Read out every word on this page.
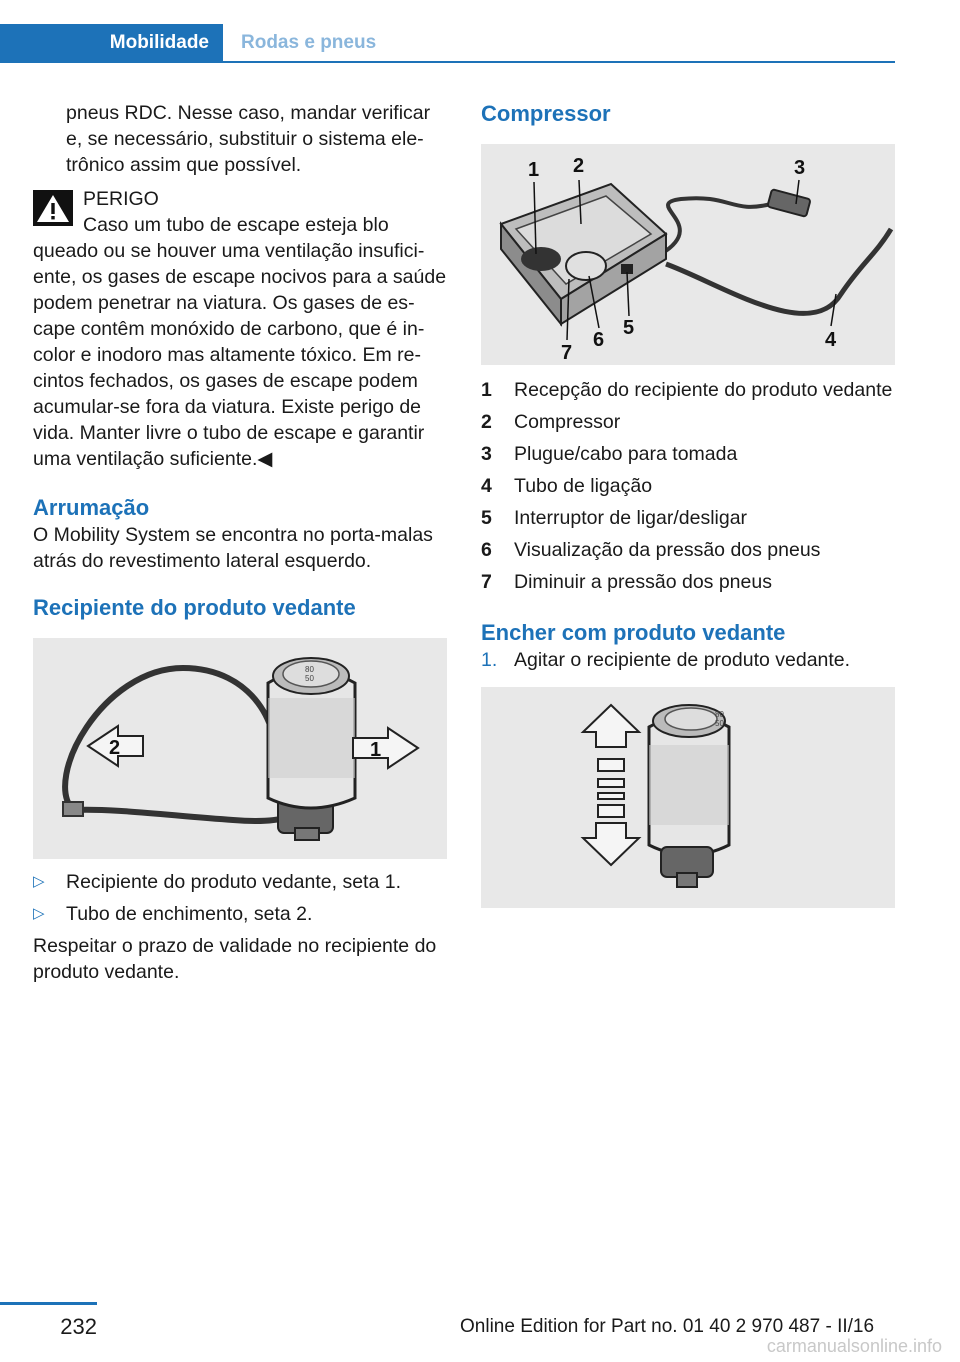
Mobilidade	Rodas e pneus

pneus RDC. Nesse caso, mandar verificar e, se necessário, substituir o sistema eletrônico assim que possível.

PERIGO

Caso um tubo de escape esteja blo

queado ou se houver uma ventilação insuficiente, os gases de escape nocivos para a saúde podem penetrar na viatura. Os gases de escape contêm monóxido de carbono, que é incolor e inodoro mas altamente tóxico. Em recintos fechados, os gases de escape podem acumular-se fora da viatura. Existe perigo de vida. Manter livre o tubo de escape e garantir uma ventilação suficiente.◀

Arrumação

O Mobility System se encontra no porta-malas atrás do revestimento lateral esquerdo.

Recipiente do produto vedante

80
50
2	1
▷ Recipiente do produto vedante, seta 1.
▷ Tubo de enchimento, seta 2.

Respeitar o prazo de validade no recipiente do produto vedante.

Compressor

1 2	3
4
5
6
7
1 Recepção do recipiente do produto vedante
2 Compressor
3 Plugue/cabo para tomada
4 Tubo de ligação
5 Interruptor de ligar/desligar
6 Visualização da pressão dos pneus
7 Diminuir a pressão dos pneus

Encher com produto vedante

1. Agitar o recipiente de produto vedante.
80
50
232	Online Edition for Part no. 01 40 2 970 487 - II/16
carmanualsonline.info
